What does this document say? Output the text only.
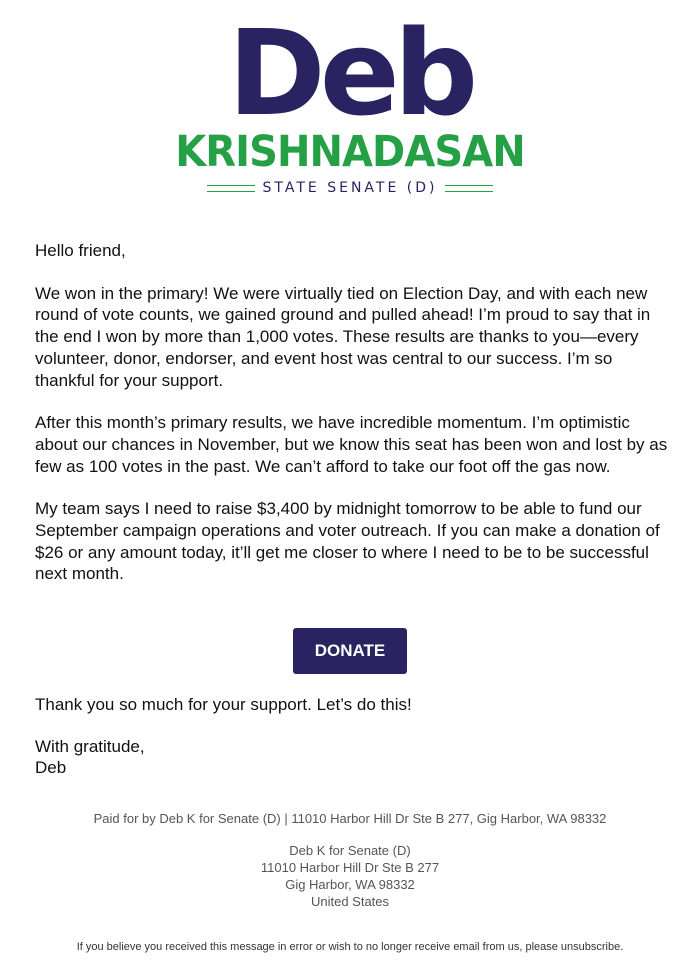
Deb
KRISHNADASAN
STATE SENATE (D)

Hello friend,

We won in the primary! We were virtually tied on Election Day, and with each new round of vote counts, we gained ground and pulled ahead! I’m proud to say that in the end I won by more than 1,000 votes. These results are thanks to you—every volunteer, donor, endorser, and event host was central to our success. I’m so thankful for your support.

After this month’s primary results, we have incredible momentum. I’m optimistic about our chances in November, but we know this seat has been won and lost by as few as 100 votes in the past. We can’t afford to take our foot off the gas now.

My team says I need to raise $3,400 by midnight tomorrow to be able to fund our September campaign operations and voter outreach. If you can make a donation of $26 or any amount today, it’ll get me closer to where I need to be to be successful next month.

DONATE

Thank you so much for your support. Let’s do this!

With gratitude,
Deb
Paid for by Deb K for Senate (D) | 11010 Harbor Hill Dr Ste B 277, Gig Harbor, WA 98332
Deb K for Senate (D)
11010 Harbor Hill Dr Ste B 277
Gig Harbor, WA 98332
United States
If you believe you received this message in error or wish to no longer receive email from us, please unsubscribe.
